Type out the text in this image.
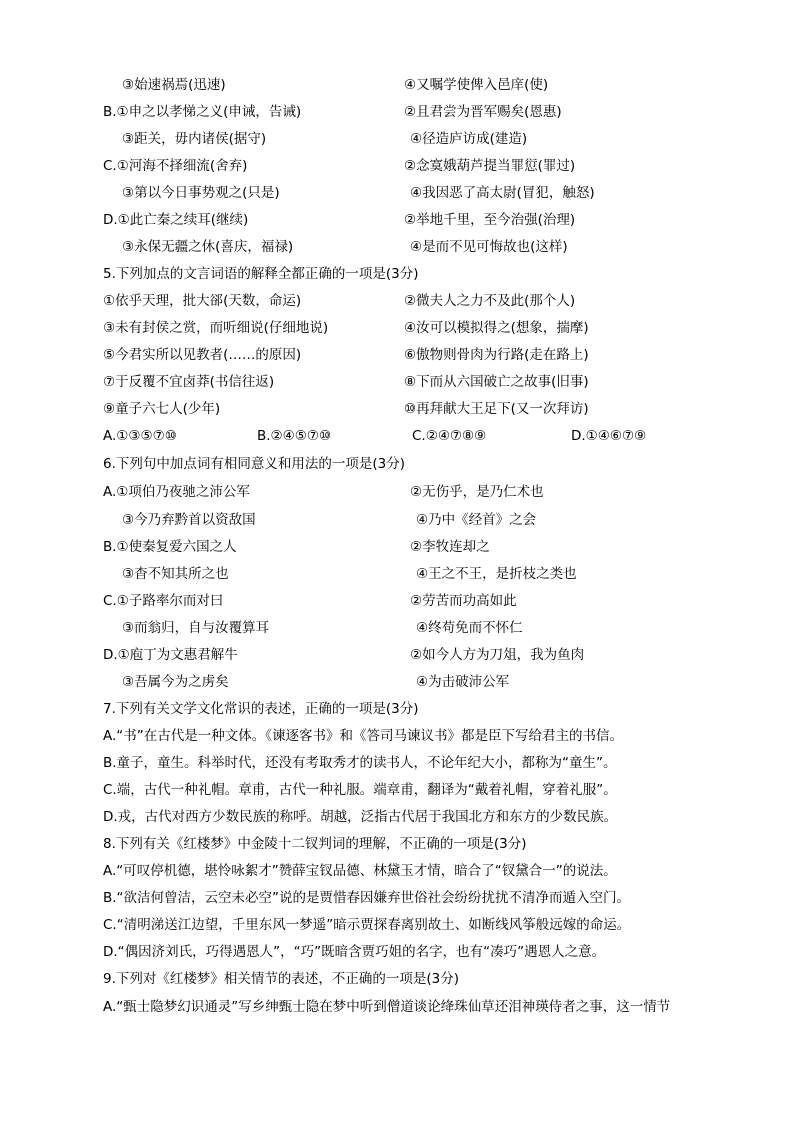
③始速祸焉(迅速)	④又嘱学使俾入邑庠(使)
B.①申之以孝悌之义(申诫，告诫)	②且君尝为晋军赐矣(恩惠)
③距关，毋内诸侯(据守)	④径造庐访成(建造)
C.①河海不择细流(舍弃)	②念寞娥葫芦提当罪愆(罪过)
③第以今日事势观之(只是)	④我因恶了高太尉(冒犯，触怒)
D.①此亡秦之续耳(继续)	②举地千里，至今治强(治理)
③永保无疆之休(喜庆，福禄)	④是而不见可悔故也(这样)
5.下列加点的文言词语的解释全都正确的一项是(3分)
①依乎天理，批大郤(天数，命运)	②微夫人之力不及此(那个人)
③未有封侯之赏，而听细说(仔细地说)	④汝可以模拟得之(想象，揣摩)
⑤今君实所以见教者(……的原因)	⑥傲物则骨肉为行路(走在路上)
⑦于反覆不宜卤莽(书信往返)	⑧下而从六国破亡之故事(旧事)
⑨童子六七人(少年)	⑩再拜献大王足下(又一次拜访)
A.①③⑤⑦⑩	B.②④⑤⑦⑩	C.②④⑦⑧⑨	D.①④⑥⑦⑨
6.下列句中加点词有相同意义和用法的一项是(3分)
A.①项伯乃夜驰之沛公军	②无伤乎，是乃仁术也
③今乃弃黔首以资敌国	④乃中《经首》之会
B.①使秦复爱六国之人	②李牧连却之
③杳不知其所之也	④王之不王，是折枝之类也
C.①子路率尔而对曰	②劳苦而功高如此
③而翁归，自与汝覆算耳	④终苟免而不怀仁
D.①庖丁为文惠君解牛	②如今人方为刀俎，我为鱼肉
③吾属今为之虏矣	④为击破沛公军
7.下列有关文学文化常识的表述，正确的一项是(3分)
A.“书”在古代是一种文体。《谏逐客书》和《答司马谏议书》都是臣下写给君主的书信。
B.童子，童生。科举时代，还没有考取秀才的读书人，不论年纪大小，都称为“童生”。
C.端，古代一种礼帽。章甫，古代一种礼服。端章甫，翻译为“戴着礼帽，穿着礼服”。
D.戎，古代对西方少数民族的称呼。胡越，泛指古代居于我国北方和东方的少数民族。
8.下列有关《红楼梦》中金陵十二钗判词的理解，不正确的一项是(3分)
A.“可叹停机德，堪怜咏絮才”赞薛宝钗品德、林黛玉才情，暗合了“钗黛合一”的说法。
B.“欲洁何曾洁，云空未必空”说的是贾惜春因嫌弃世俗社会纷纷扰扰不清净而遁入空门。
C.“清明涕送江边望，千里东风一梦遥”暗示贾探春离别故土、如断线风筝般远嫁的命运。
D.“偶因济刘氏，巧得遇恩人”，“巧”既暗含贾巧姐的名字，也有“凑巧”遇恩人之意。
9.下列对《红楼梦》相关情节的表述，不正确的一项是(3分)
A.“甄士隐梦幻识通灵”写乡绅甄士隐在梦中听到僧道谈论绛珠仙草还泪神瑛侍者之事，这一情节
